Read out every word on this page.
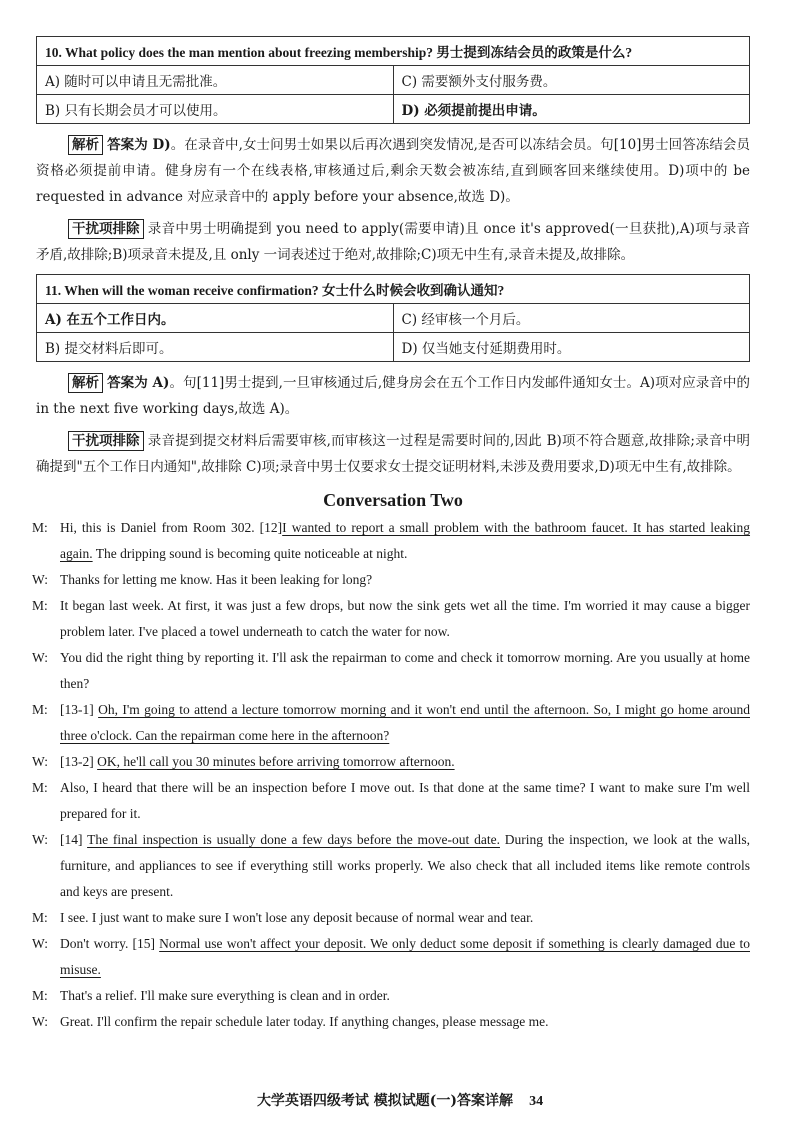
10. What policy does the man mention about freezing membership? 男士提到冻结会员的政策是什么?	
A) 随时可以申请且无需批准。	C) 需要额外支付服务费。
B) 只有长期会员才可以使用。	D) 必须提前提出申请。

解析 答案为 D)。在录音中,女士问男士如果以后再次遇到突发情况,是否可以冻结会员。句[10]男士回答冻结会员资格必须提前申请。健身房有一个在线表格,审核通过后,剩余天数会被冻结,直到顾客回来继续使用。D)项中的 be requested in advance 对应录音中的 apply before your absence,故选 D)。

干扰项排除 录音中男士明确提到 you need to apply(需要申请)且 once it's approved(一旦获批),A)项与录音矛盾,故排除;B)项录音未提及,且 only 一词表述过于绝对,故排除;C)项无中生有,录音未提及,故排除。

11. When will the woman receive confirmation? 女士什么时候会收到确认通知?	
A) 在五个工作日内。	C) 经审核一个月后。
B) 提交材料后即可。	D) 仅当她支付延期费用时。

解析 答案为 A)。句[11]男士提到,一旦审核通过后,健身房会在五个工作日内发邮件通知女士。A)项对应录音中的 in the next five working days,故选 A)。

干扰项排除 录音提到提交材料后需要审核,而审核这一过程是需要时间的,因此 B)项不符合题意,故排除;录音中明确提到"五个工作日内通知",故排除 C)项;录音中男士仅要求女士提交证明材料,未涉及费用要求,D)项无中生有,故排除。

Conversation Two
M: Hi, this is Daniel from Room 302. [12]I wanted to report a small problem with the bathroom faucet. It has started leaking again. The dripping sound is becoming quite noticeable at night.
W: Thanks for letting me know. Has it been leaking for long?
M: It began last week. At first, it was just a few drops, but now the sink gets wet all the time. I'm worried it may cause a bigger problem later. I've placed a towel underneath to catch the water for now.
W: You did the right thing by reporting it. I'll ask the repairman to come and check it tomorrow morning. Are you usually at home then?
M: [13-1] Oh, I'm going to attend a lecture tomorrow morning and it won't end until the afternoon. So, I might go home around three o'clock. Can the repairman come here in the afternoon?
W: [13-2] OK, he'll call you 30 minutes before arriving tomorrow afternoon.
M: Also, I heard that there will be an inspection before I move out. Is that done at the same time? I want to make sure I'm well prepared for it.
W: [14] The final inspection is usually done a few days before the move-out date. During the inspection, we look at the walls, furniture, and appliances to see if everything still works properly. We also check that all included items like remote controls and keys are present.
M: I see. I just want to make sure I won't lose any deposit because of normal wear and tear.
W: Don't worry. [15] Normal use won't affect your deposit. We only deduct some deposit if something is clearly damaged due to misuse.
M: That's a relief. I'll make sure everything is clean and in order.
W: Great. I'll confirm the repair schedule later today. If anything changes, please message me.
大学英语四级考试 模拟试题(一)答案详解 34
